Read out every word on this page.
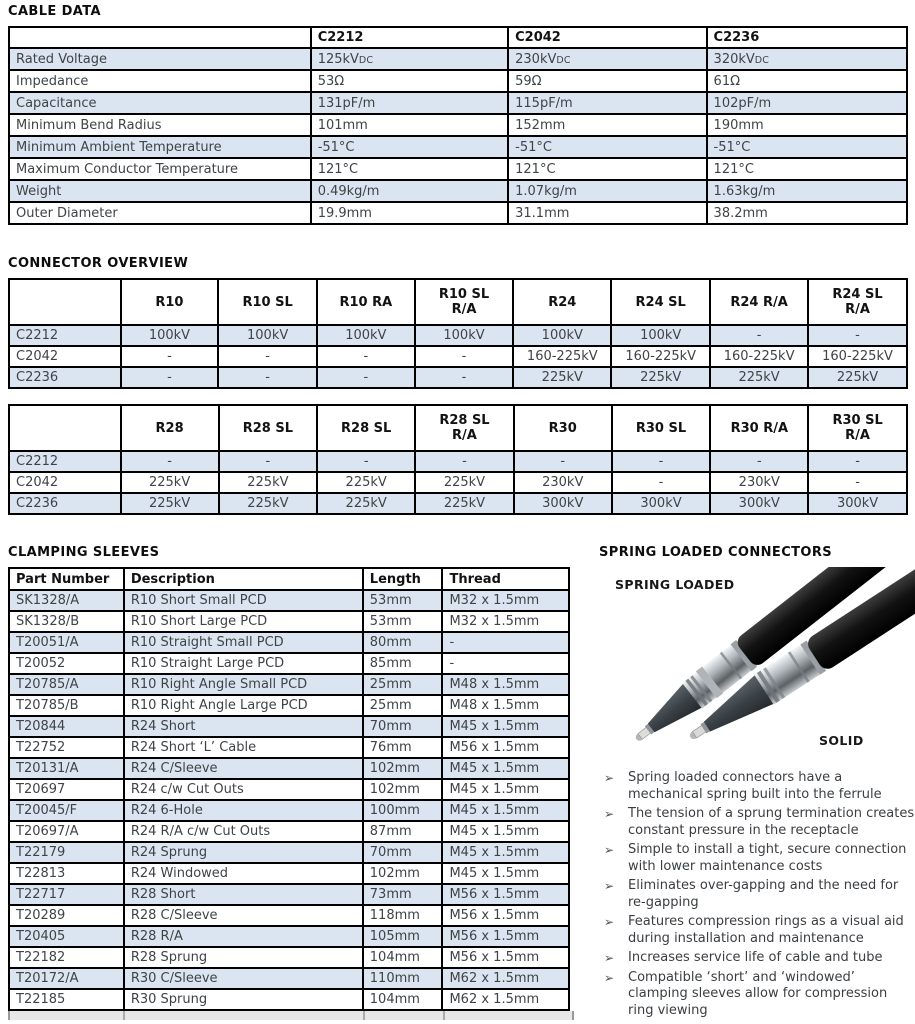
CABLE DATA
	C2212	C2042	C2236
Rated Voltage	125kVDC	230kVDC	320kVDC
Impedance	53Ω	59Ω	61Ω
Capacitance	131pF/m	115pF/m	102pF/m
Minimum Bend Radius	101mm	152mm	190mm
Minimum Ambient Temperature	-51°C	-51°C	-51°C
Maximum Conductor Temperature	121°C	121°C	121°C
Weight	0.49kg/m	1.07kg/m	1.63kg/m
Outer Diameter	19.9mm	31.1mm	38.2mm
CONNECTOR OVERVIEW
	R10	R10 SL	R10 RA	R10 SL R/A	R24	R24 SL	R24 R/A	R24 SL R/A
C2212	100kV	100kV	100kV	100kV	100kV	100kV	-	-
C2042	-	-	-	-	160-225kV	160-225kV	160-225kV	160-225kV
C2236	-	-	-	-	225kV	225kV	225kV	225kV
	R28	R28 SL	R28 SL	R28 SL R/A	R30	R30 SL	R30 R/A	R30 SL R/A
C2212	-	-	-	-	-	-	-	-
C2042	225kV	225kV	225kV	225kV	230kV	-	230kV	-
C2236	225kV	225kV	225kV	225kV	300kV	300kV	300kV	300kV
CLAMPING SLEEVES
Part Number	Description	Length	Thread
SK1328/A	R10 Short Small PCD	53mm	M32 x 1.5mm
SK1328/B	R10 Short Large PCD	53mm	M32 x 1.5mm
T20051/A	R10 Straight Small PCD	80mm	-
T20052	R10 Straight Large PCD	85mm	-
T20785/A	R10 Right Angle Small PCD	25mm	M48 x 1.5mm
T20785/B	R10 Right Angle Large PCD	25mm	M48 x 1.5mm
T20844	R24 Short	70mm	M45 x 1.5mm
T22752	R24 Short ‘L’ Cable	76mm	M56 x 1.5mm
T20131/A	R24 C/Sleeve	102mm	M45 x 1.5mm
T20697	R24 c/w Cut Outs	102mm	M45 x 1.5mm
T20045/F	R24 6-Hole	100mm	M45 x 1.5mm
T20697/A	R24 R/A c/w Cut Outs	87mm	M45 x 1.5mm
T22179	R24 Sprung	70mm	M45 x 1.5mm
T22813	R24 Windowed	102mm	M45 x 1.5mm
T22717	R28 Short	73mm	M56 x 1.5mm
T20289	R28 C/Sleeve	118mm	M56 x 1.5mm
T20405	R28 R/A	105mm	M56 x 1.5mm
T22182	R28 Sprung	104mm	M56 x 1.5mm
T20172/A	R30 C/Sleeve	110mm	M62 x 1.5mm
T22185	R30 Sprung	104mm	M62 x 1.5mm
SPRING LOADED CONNECTORS
SPRING LOADED
SOLID
➢	Spring loaded connectors have a mechanical spring built into the ferrule
➢	The tension of a sprung termination creates constant pressure in the receptacle
➢	Simple to install a tight, secure connection with lower maintenance costs
➢	Eliminates over-gapping and the need for re-gapping
➢	Features compression rings as a visual aid during installation and maintenance
➢	Increases service life of cable and tube
➢	Compatible ‘short’ and ‘windowed’ clamping sleeves allow for compression ring viewing
